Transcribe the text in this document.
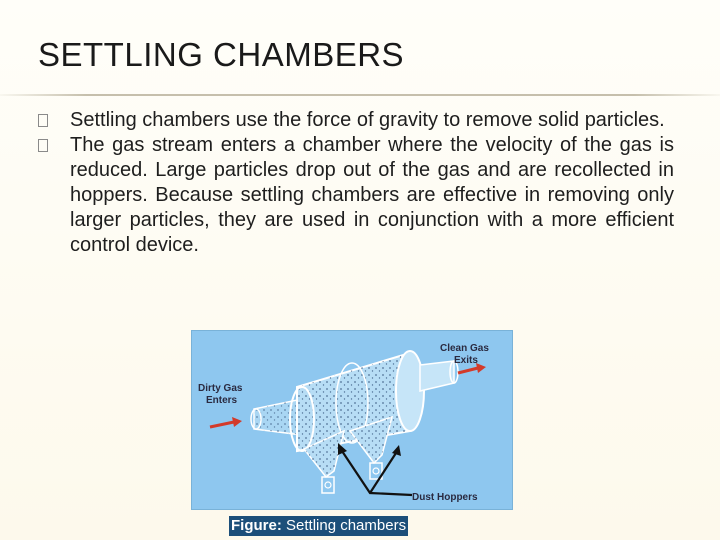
SETTLING CHAMBERS
Settling chambers use the force of gravity to remove solid particles.
The gas stream enters a chamber where the velocity of the gas is reduced. Large particles drop out of the gas and are recollected in hoppers. Because settling chambers are effective in removing only larger particles, they are used in conjunction with a more efficient control device.
Clean Gas
Exits
Dirty Gas
Enters
Dust Hoppers
Figure: Settling chambers
